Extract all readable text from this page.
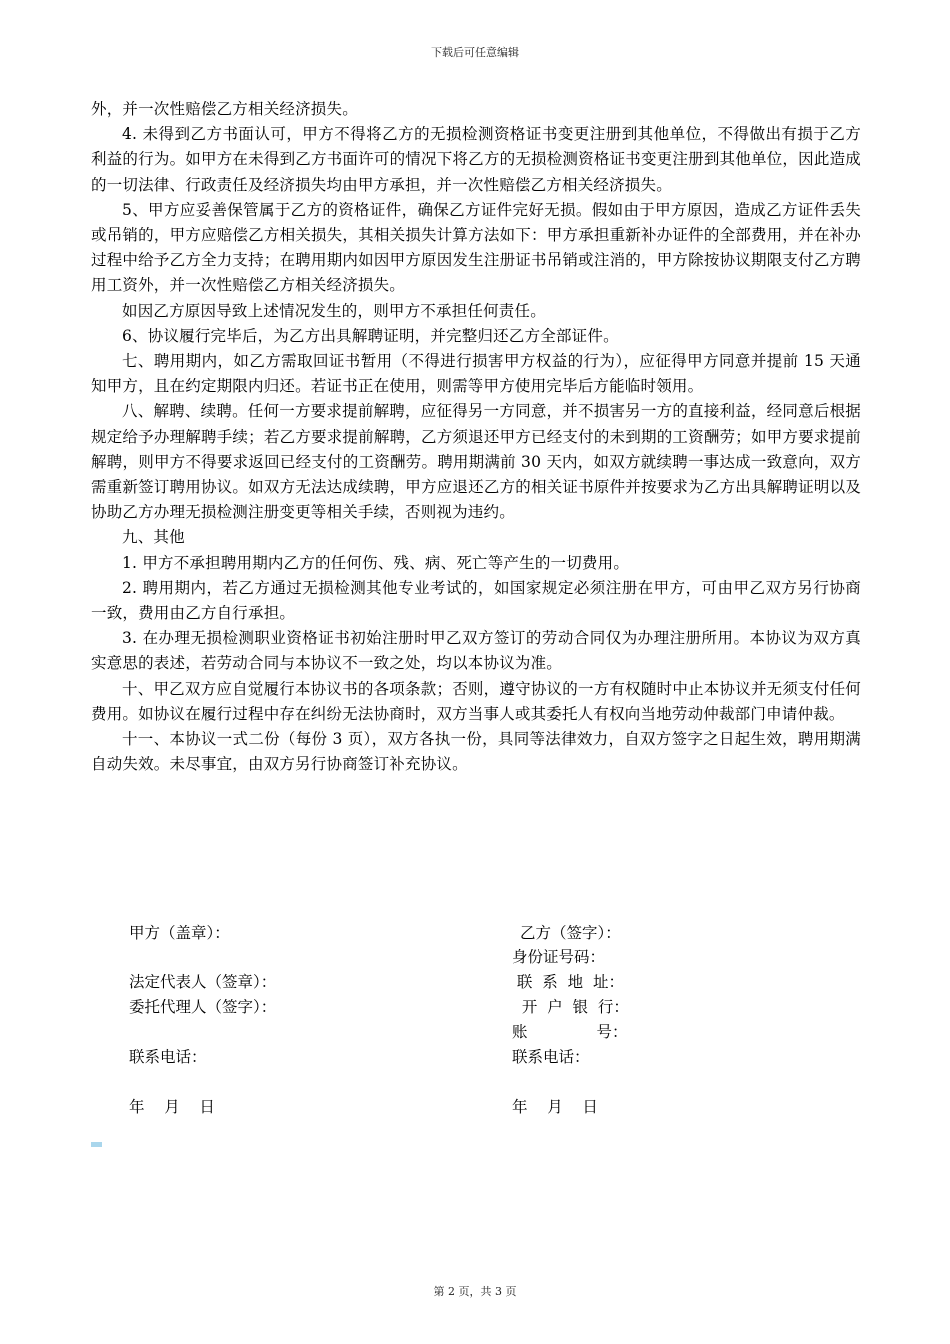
下载后可任意编辑

外，并一次性赔偿乙方相关经济损失。

4. 未得到乙方书面认可，甲方不得将乙方的无损检测资格证书变更注册到其他单位，不得做出有损于乙方利益的行为。如甲方在未得到乙方书面许可的情况下将乙方的无损检测资格证书变更注册到其他单位，因此造成的一切法律、行政责任及经济损失均由甲方承担，并一次性赔偿乙方相关经济损失。

5、甲方应妥善保管属于乙方的资格证件，确保乙方证件完好无损。假如由于甲方原因，造成乙方证件丢失或吊销的，甲方应赔偿乙方相关损失，其相关损失计算方法如下：甲方承担重新补办证件的全部费用，并在补办过程中给予乙方全力支持；在聘用期内如因甲方原因发生注册证书吊销或注消的，甲方除按协议期限支付乙方聘用工资外，并一次性赔偿乙方相关经济损失。

如因乙方原因导致上述情况发生的，则甲方不承担任何责任。

6、协议履行完毕后，为乙方出具解聘证明，并完整归还乙方全部证件。

七、聘用期内，如乙方需取回证书暂用（不得进行损害甲方权益的行为），应征得甲方同意并提前 15 天通知甲方，且在约定期限内归还。若证书正在使用，则需等甲方使用完毕后方能临时领用。

八、解聘、续聘。任何一方要求提前解聘，应征得另一方同意，并不损害另一方的直接利益，经同意后根据规定给予办理解聘手续；若乙方要求提前解聘，乙方须退还甲方已经支付的未到期的工资酬劳；如甲方要求提前解聘，则甲方不得要求返回已经支付的工资酬劳。聘用期满前 30 天内，如双方就续聘一事达成一致意向，双方需重新签订聘用协议。如双方无法达成续聘，甲方应退还乙方的相关证书原件并按要求为乙方出具解聘证明以及协助乙方办理无损检测注册变更等相关手续，否则视为违约。

九、其他

1. 甲方不承担聘用期内乙方的任何伤、残、病、死亡等产生的一切费用。

2. 聘用期内，若乙方通过无损检测其他专业考试的，如国家规定必须注册在甲方，可由甲乙双方另行协商一致，费用由乙方自行承担。

3. 在办理无损检测职业资格证书初始注册时甲乙双方签订的劳动合同仅为办理注册所用。本协议为双方真实意思的表述，若劳动合同与本协议不一致之处，均以本协议为准。

十、甲乙双方应自觉履行本协议书的各项条款；否则，遵守协议的一方有权随时中止本协议并无须支付任何费用。如协议在履行过程中存在纠纷无法协商时，双方当事人或其委托人有权向当地劳动仲裁部门申请仲裁。

十一、本协议一式二份（每份 3 页），双方各执一份，具同等法律效力，自双方签字之日起生效，聘用期满自动失效。未尽事宜，由双方另行协商签订补充协议。

甲方（盖章）：
法定代表人（签章）：
委托代理人（签字）：
联系电话：
年    月    日
乙方（签字）：
身份证号码：
联  系  地  址：
开  户  银  行：
账              号：
联系电话：
年    月    日
第 2 页，共 3 页
